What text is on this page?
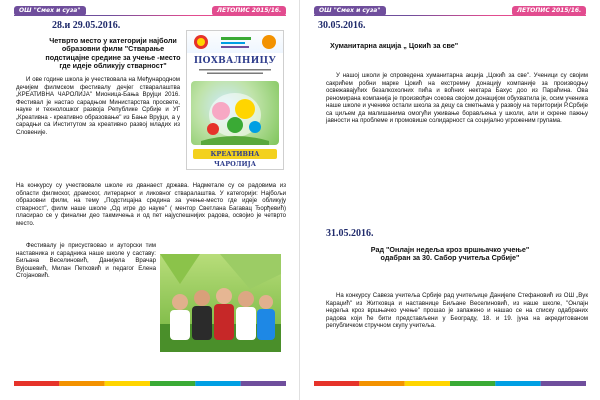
ОШ "Смех и суза"	ЛЕТОПИС 2015/16.
28.и 29.05.2016.
Четврто место у категорији најболи образовни филм "Стварање подстицајне средине за учење -место где идеје обликују стварност"

И ове године школа је учествовала на Међународном дечијем филмском фестивалу дечјег стваралаштва „КРЕАТИВНА ЧАРОЛИЈА" Мионица-Бања Врујци 2016. Фестивал је настао сарадњом Министарства просвете, науке и технолошког развоја Републике Србије и УГ „Креативна - креативно образовање" из Бање Врујци, а у сарадњи са Институтом за креативно развој младих из Словеније.

На конкурсу су учествовале школе из дванаест држава. Надметале су се радовима из области филмског, драмског, литерарног и ликовног стваралаштва. У категорији: Најбољи образовни филм, на тему „Подстицајна средина за учење-место где идеје обликују стварност", филм наше школе „Од игре до науке" ( ментор Светлана Багавац Ђорђевић) пласирао се у финални део такмичења и од пет најуспешнијих радова, освојио је четврто место.

Фестивалу је присуствовао и ауторски тим наставника и сарадника наше школе у саставу: Биљана Веселиновић, Данијела Врачар Вујошевић, Милан Петковић и педагог Елена Стојановић.

ПОХВАЛНИЦУ
КРЕАТИВНА ЧАРОЛИЈА
ОШ "Смех и суза"	ЛЕТОПИС 2015/16.
30.05.2016.
Хуманитарна акција „ Цокић за све"

У нашој школи је спроведена хуманитарна акција „Цокић за све". Ученици су својим сакрићем робни марке Цокић на екстремну донацију компаније за производњу освежавајућих безалкохолних пића и воћних нектара Бахус доо из Параћина. Ова реномирана компанија је произвођач сокова својом донацијом обухватила је, осим ученика наше школе и ученике остали школа за децу са сметњама у развоју на територији Р.Србије са циљем да малишанима омогући уживање борављења у школи, али и скрене пажњу јавности на проблеме и промовише солидарност са социјално угроженим групама.

31.05.2016.
Рад "Онлајн недеља кроз вршњачко учење" одабран за 30. Сабор учитеља Србије"

На конкурсу Савеза учитеља Србије рад учитељице Данијеле Стефановић из ОШ „Вук Караџић" из Житковца и наставнице Биљане Веселиновић, из наше школе, "Онлајн недеља кроз вршњачко учење" прошао је запажено и нашао се на списку одабраних радова који ће бити представљени у Београду, 18. и 19. јуна на акредитованом републичком стручном скупу учитеља.
